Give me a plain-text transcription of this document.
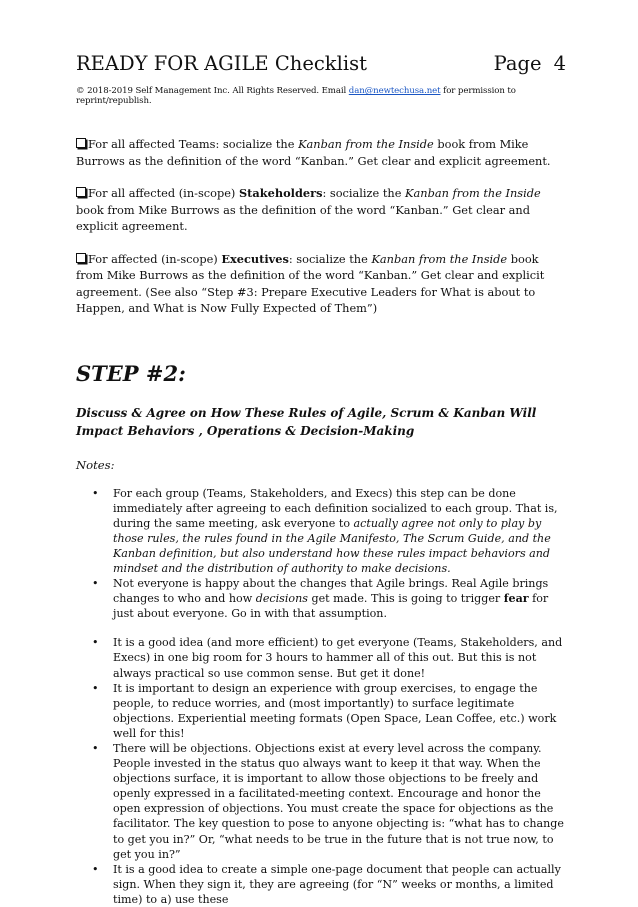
READY FOR AGILE Checklist	Page 4
© 2018-2019 Self Management Inc. All Rights Reserved. Email dan@newtechusa.net for permission to reprint/republish.

For all affected Teams: socialize the Kanban from the Inside book from Mike Burrows as the definition of the word “Kanban.” Get clear and explicit agreement.

For all affected (in-scope) Stakeholders: socialize the Kanban from the Inside book from Mike Burrows as the definition of the word “Kanban.” Get clear and explicit agreement.

For affected (in-scope) Executives: socialize the Kanban from the Inside book from Mike Burrows as the definition of the word “Kanban.” Get clear and explicit agreement. (See also “Step #3: Prepare Executive Leaders for What is about to Happen, and What is Now Fully Expected of Them”)

STEP #2:
Discuss & Agree on How These Rules of Agile, Scrum & Kanban Will Impact Behaviors , Operations & Decision-Making
Notes:
• For each group (Teams, Stakeholders, and Execs) this step can be done immediately after agreeing to each definition socialized to each group. That is, during the same meeting, ask everyone to actually agree not only to play by those rules, the rules found in the Agile Manifesto, The Scrum Guide, and the Kanban definition, but also understand how these rules impact behaviors and mindset and the distribution of authority to make decisions.
• Not everyone is happy about the changes that Agile brings. Real Agile brings changes to who and how decisions get made. This is going to trigger fear for just about everyone. Go in with that assumption.
• It is a good idea (and more efficient) to get everyone (Teams, Stakeholders, and Execs) in one big room for 3 hours to hammer all of this out. But this is not always practical so use common sense. But get it done!
• It is important to design an experience with group exercises, to engage the people, to reduce worries, and (most importantly) to surface legitimate objections. Experiential meeting formats (Open Space, Lean Coffee, etc.) work well for this!
• There will be objections. Objections exist at every level across the company. People invested in the status quo always want to keep it that way. When the objections surface, it is important to allow those objections to be freely and openly expressed in a facilitated-meeting context. Encourage and honor the open expression of objections. You must create the space for objections as the facilitator. The key question to pose to anyone objecting is: “what has to change to get you in?” Or, “what needs to be true in the future that is not true now, to get you in?”
• It is a good idea to create a simple one-page document that people can actually sign. When they sign it, they are agreeing (for “N” weeks or months, a limited time) to a) use these
